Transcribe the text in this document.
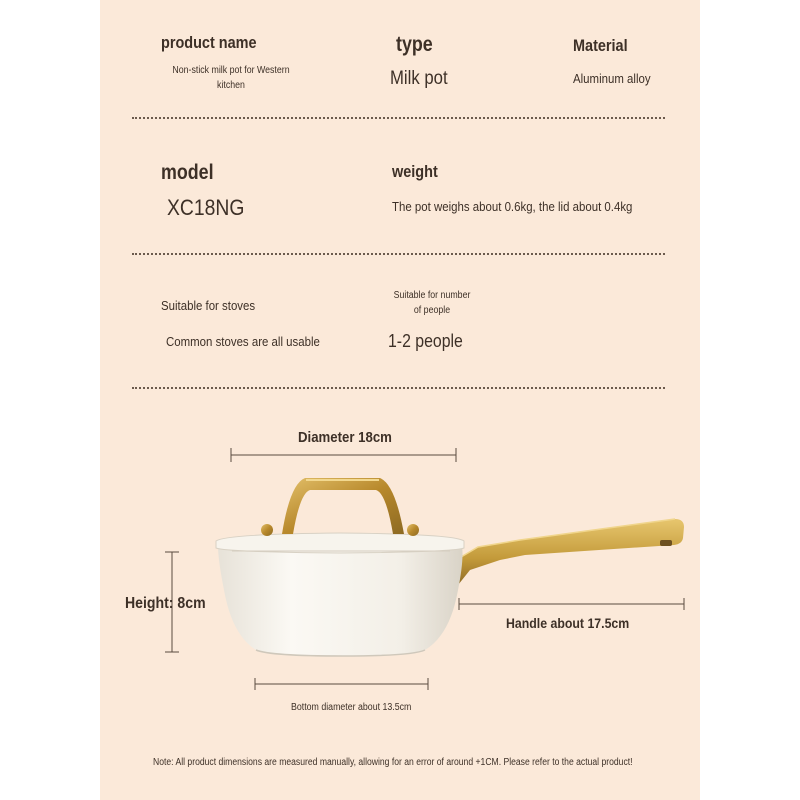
product name
Non-stick milk pot for Western
kitchen
type
Milk pot
Material
Aluminum alloy
model
XC18NG
weight
The pot weighs about 0.6kg, the lid about 0.4kg
Suitable for stoves
Common stoves are all usable
Suitable for number
of people
1-2 people
Diameter 18cm
Height: 8cm
Handle about 17.5cm
Bottom diameter about 13.5cm
Note: All product dimensions are measured manually, allowing for an error of around +1CM. Please refer to the actual product!
